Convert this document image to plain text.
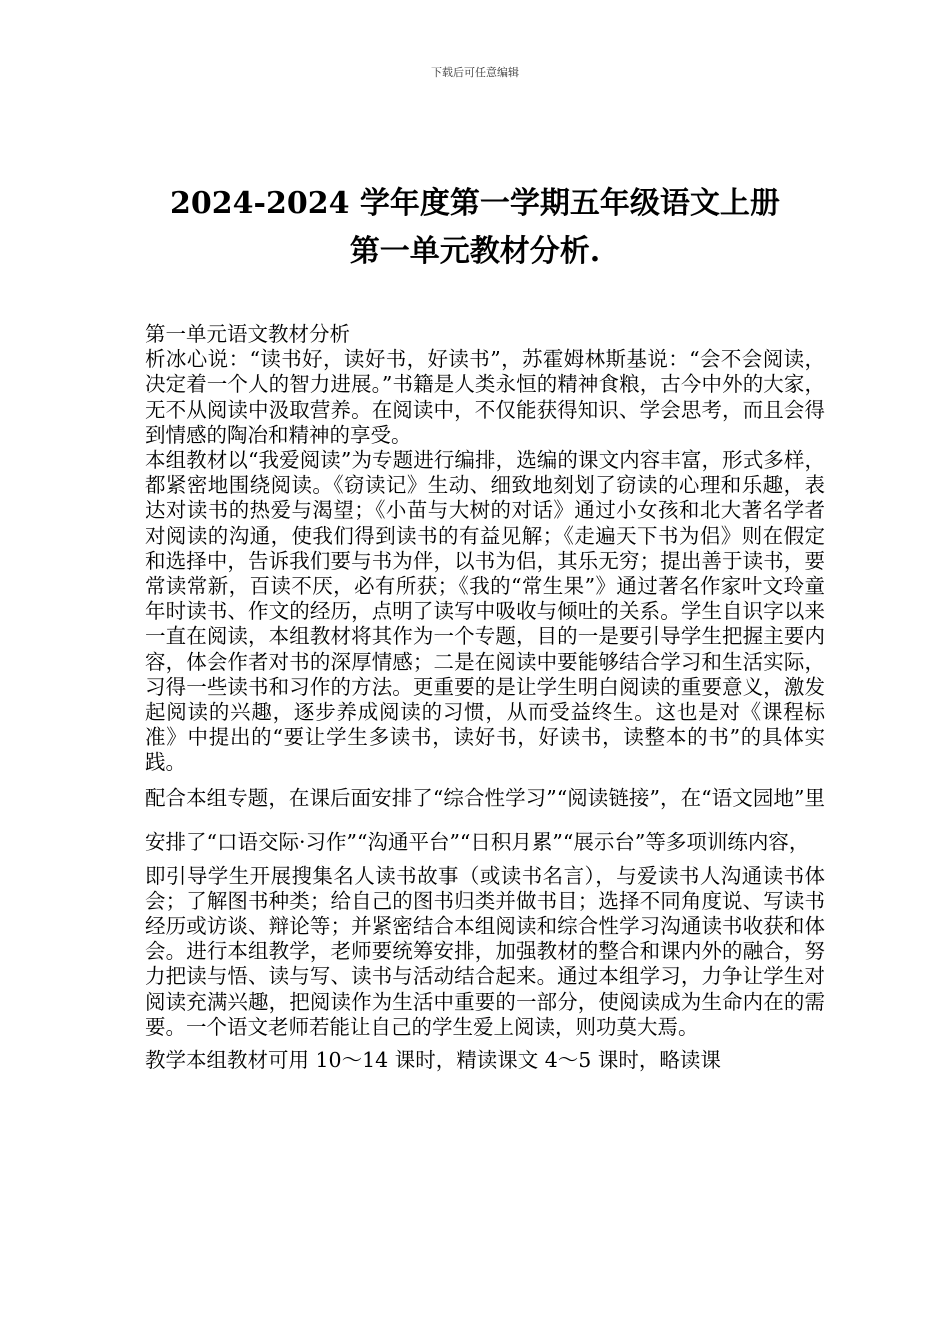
下载后可任意编辑
2024-2024 学年度第一学期五年级语文上册
第一单元教材分析.

第一单元语文教材分析

析冰心说：“读书好，读好书，好读书”，苏霍姆林斯基说：“会不会阅读，决定着一个人的智力进展。”书籍是人类永恒的精神食粮，古今中外的大家，无不从阅读中汲取营养。在阅读中，不仅能获得知识、学会思考，而且会得到情感的陶冶和精神的享受。

本组教材以“我爱阅读”为专题进行编排，选编的课文内容丰富，形式多样，都紧密地围绕阅读。《窃读记》生动、细致地刻划了窃读的心理和乐趣，表达对读书的热爱与渴望；《小苗与大树的对话》通过小女孩和北大著名学者对阅读的沟通，使我们得到读书的有益见解；《走遍天下书为侣》则在假定和选择中，告诉我们要与书为伴，以书为侣，其乐无穷；提出善于读书，要常读常新，百读不厌，必有所获；《我的“常生果”》通过著名作家叶文玲童年时读书、作文的经历，点明了读写中吸收与倾吐的关系。学生自识字以来一直在阅读，本组教材将其作为一个专题，目的一是要引导学生把握主要内容，体会作者对书的深厚情感；二是在阅读中要能够结合学习和生活实际，习得一些读书和习作的方法。更重要的是让学生明白阅读的重要意义，激发起阅读的兴趣，逐步养成阅读的习惯，从而受益终生。这也是对《课程标准》中提出的“要让学生多读书，读好书，好读书，读整本的书”的具体实践。

配合本组专题，在课后面安排了“综合性学习”“阅读链接”，在“语文园地”里安排了“口语交际·习作”“沟通平台”“日积月累”“展示台”等多项训练内容，

即引导学生开展搜集名人读书故事（或读书名言），与爱读书人沟通读书体会；了解图书种类；给自己的图书归类并做书目；选择不同角度说、写读书经历或访谈、辩论等；并紧密结合本组阅读和综合性学习沟通读书收获和体会。进行本组教学，老师要统筹安排，加强教材的整合和课内外的融合，努力把读与悟、读与写、读书与活动结合起来。通过本组学习，力争让学生对阅读充满兴趣，把阅读作为生活中重要的一部分，使阅读成为生命内在的需要。一个语文老师若能让自己的学生爱上阅读，则功莫大焉。

教学本组教材可用 10～14 课时，精读课文 4～5 课时，略读课
